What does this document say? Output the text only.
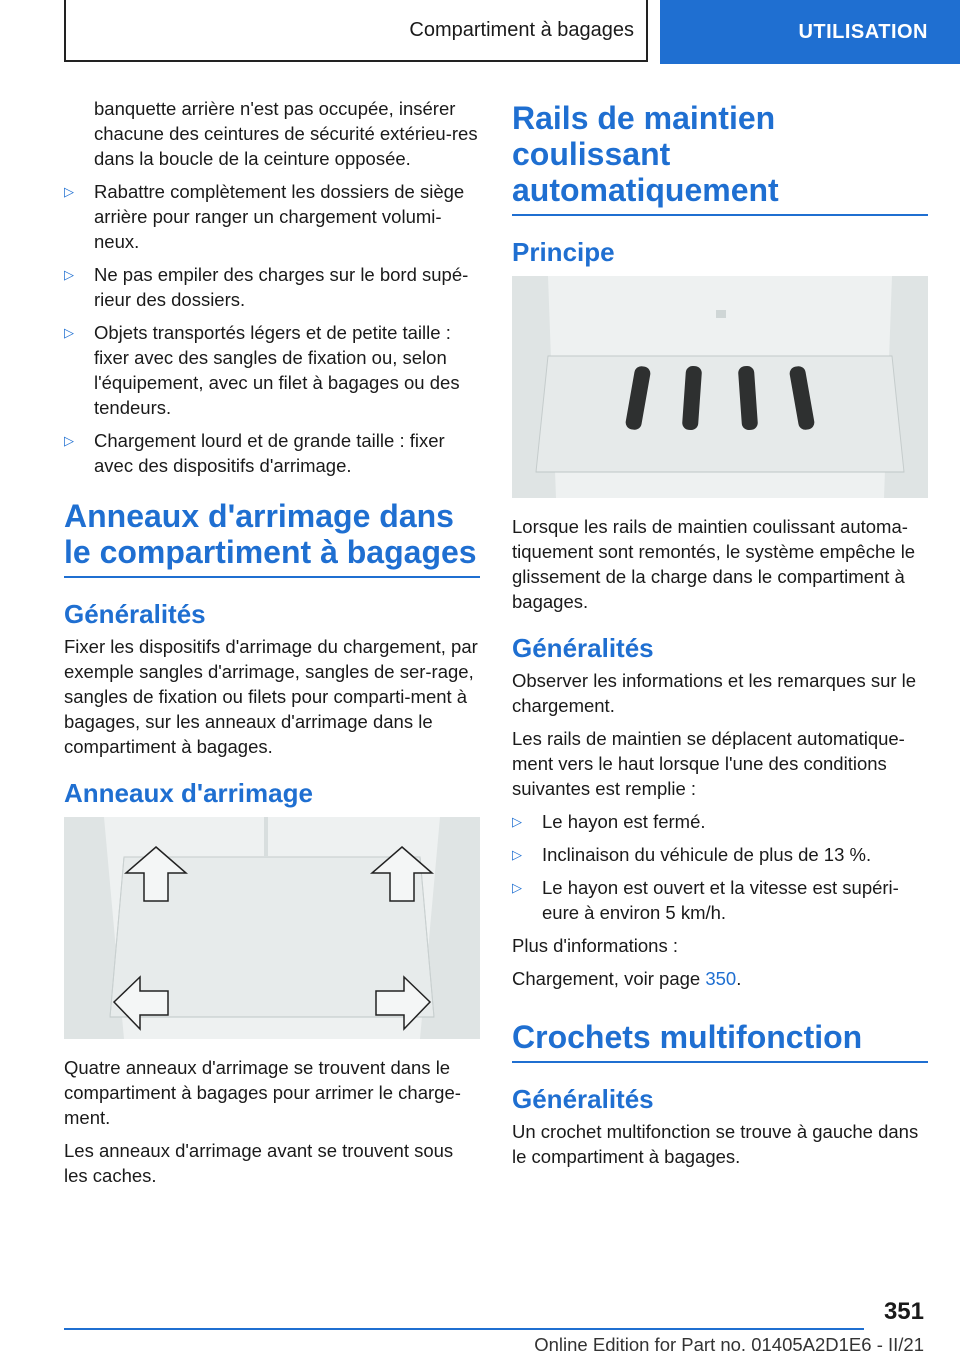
Compartiment à bagages	UTILISATION

banquette arrière n'est pas occupée, insérer chacune des ceintures de sécurité extérieu‐res dans la boucle de la ceinture opposée.

▷ Rabattre complètement les dossiers de siège arrière pour ranger un chargement volumi‐neux.
▷ Ne pas empiler des charges sur le bord supé‐rieur des dossiers.
▷ Objets transportés légers et de petite taille : fixer avec des sangles de fixation ou, selon l'équipement, avec un filet à bagages ou des tendeurs.
▷ Chargement lourd et de grande taille : fixer avec des dispositifs d'arrimage.
Anneaux d'arrimage dans le compartiment à bagages
Généralités

Fixer les dispositifs d'arrimage du chargement, par exemple sangles d'arrimage, sangles de ser‐rage, sangles de fixation ou filets pour comparti‐ment à bagages, sur les anneaux d'arrimage dans le compartiment à bagages.

Anneaux d'arrimage

Quatre anneaux d'arrimage se trouvent dans le compartiment à bagages pour arrimer le charge‐ment.

Les anneaux d'arrimage avant se trouvent sous les caches.

Rails de maintien coulissant automatiquement
Principe

Lorsque les rails de maintien coulissant automa‐tiquement sont remontés, le système empêche le glissement de la charge dans le compartiment à bagages.

Généralités

Observer les informations et les remarques sur le chargement.

Les rails de maintien se déplacent automatique‐ment vers le haut lorsque l'une des conditions suivantes est remplie :

▷ Le hayon est fermé.
▷ Inclinaison du véhicule de plus de 13 %.
▷ Le hayon est ouvert et la vitesse est supéri‐eure à environ 5 km/h.

Plus d'informations :

Chargement, voir page 350.

Crochets multifonction
Généralités

Un crochet multifonction se trouve à gauche dans le compartiment à bagages.

351
Online Edition for Part no. 01405A2D1E6 - II/21
